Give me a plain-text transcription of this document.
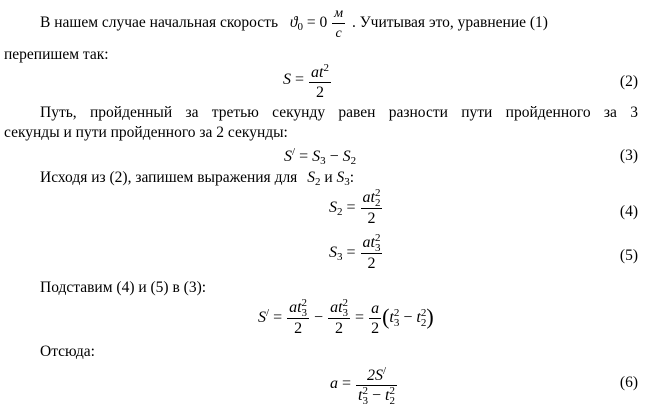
В нашем случае начальная скорость $ϑ_0 = 0 \frac{м}{с}$ . Учитывая это, уравнение (1)
перепишем так:
$S = \frac{at^2}{2}$	(2)
Путь, пройденный за третью секунду равен разности пути пройденного за 3
секунды и пути пройденного за 2 секунды:
$S^/ = S_3 - S_2$	(3)
Исходя из (2), запишем выражения для $S_2$ и $S_3$:
$S_2$ = at 2
2
2	(4)
$S_3$ = at 2
3
2	(5)
Подставим (4) и (5) в (3):
S/ = at 2
3
2 − at 2
3
$2 = \frac{a}{2} (t$ 2
3 − t 2
2 )
Отсюда:
a = 2S/
t 2
3 − t 2
2	(6)
